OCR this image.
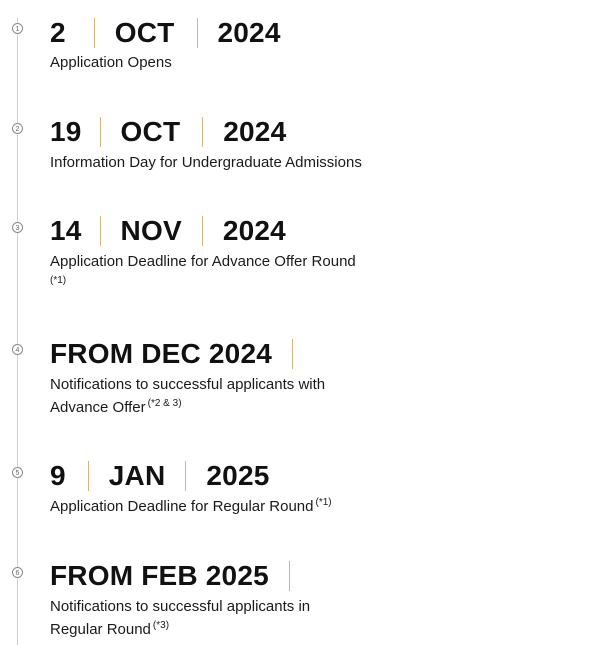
1 2 OCT 2024
Application Opens
2 19 OCT 2024
Information Day for Undergraduate Admissions
3 14 NOV 2024
Application Deadline for Advance Offer Round
(*1)
4 FROM DEC 2024
Notifications to successful applicants with
Advance Offer $^{(*2 \& 3)}$
5 9 JAN 2025
Application Deadline for Regular Round $^{(*1)}$
6 FROM FEB 2025
Notifications to successful applicants in
Regular Round $^{(*3)}$
